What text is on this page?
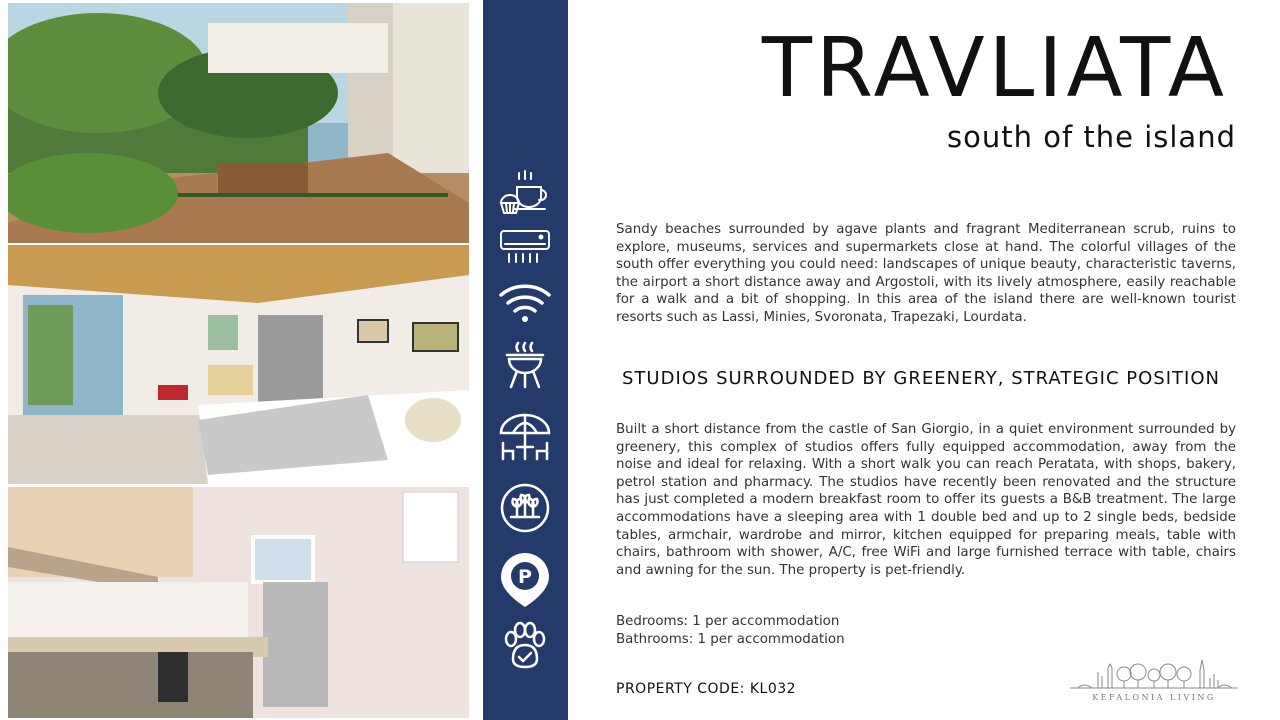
P
TRAVLIATA
south of the island

Sandy beaches surrounded by agave plants and fragrant Mediterranean scrub, ruins to explore, museums, services and supermarkets close at hand. The colorful villages of the south offer everything you could need: landscapes of unique beauty, characteristic taverns, the airport a short distance away and Argostoli, with its lively atmosphere, easily reachable for a walk and a bit of shopping. In this area of the island there are well-known tourist resorts such as Lassi, Minies, Svoronata, Trapezaki, Lourdata.

STUDIOS SURROUNDED BY GREENERY, STRATEGIC POSITION

Built a short distance from the castle of San Giorgio, in a quiet environment surrounded by greenery, this complex of studios offers fully equipped accommodation, away from the noise and ideal for relaxing. With a short walk you can reach Peratata, with shops, bakery, petrol station and pharmacy. The studios have recently been renovated and the structure has just completed a modern breakfast room to offer its guests a B&B treatment. The large accommodations have a sleeping area with 1 double bed and up to 2 single beds, bedside tables, armchair, wardrobe and mirror, kitchen equipped for preparing meals, table with chairs, bathroom with shower, A/C, free WiFi and large furnished terrace with table, chairs and awning for the sun. The property is pet-friendly.

Bedrooms: 1 per accommodation
Bathrooms: 1 per accommodation
PROPERTY CODE: KL032
KEFALONIA LIVING
